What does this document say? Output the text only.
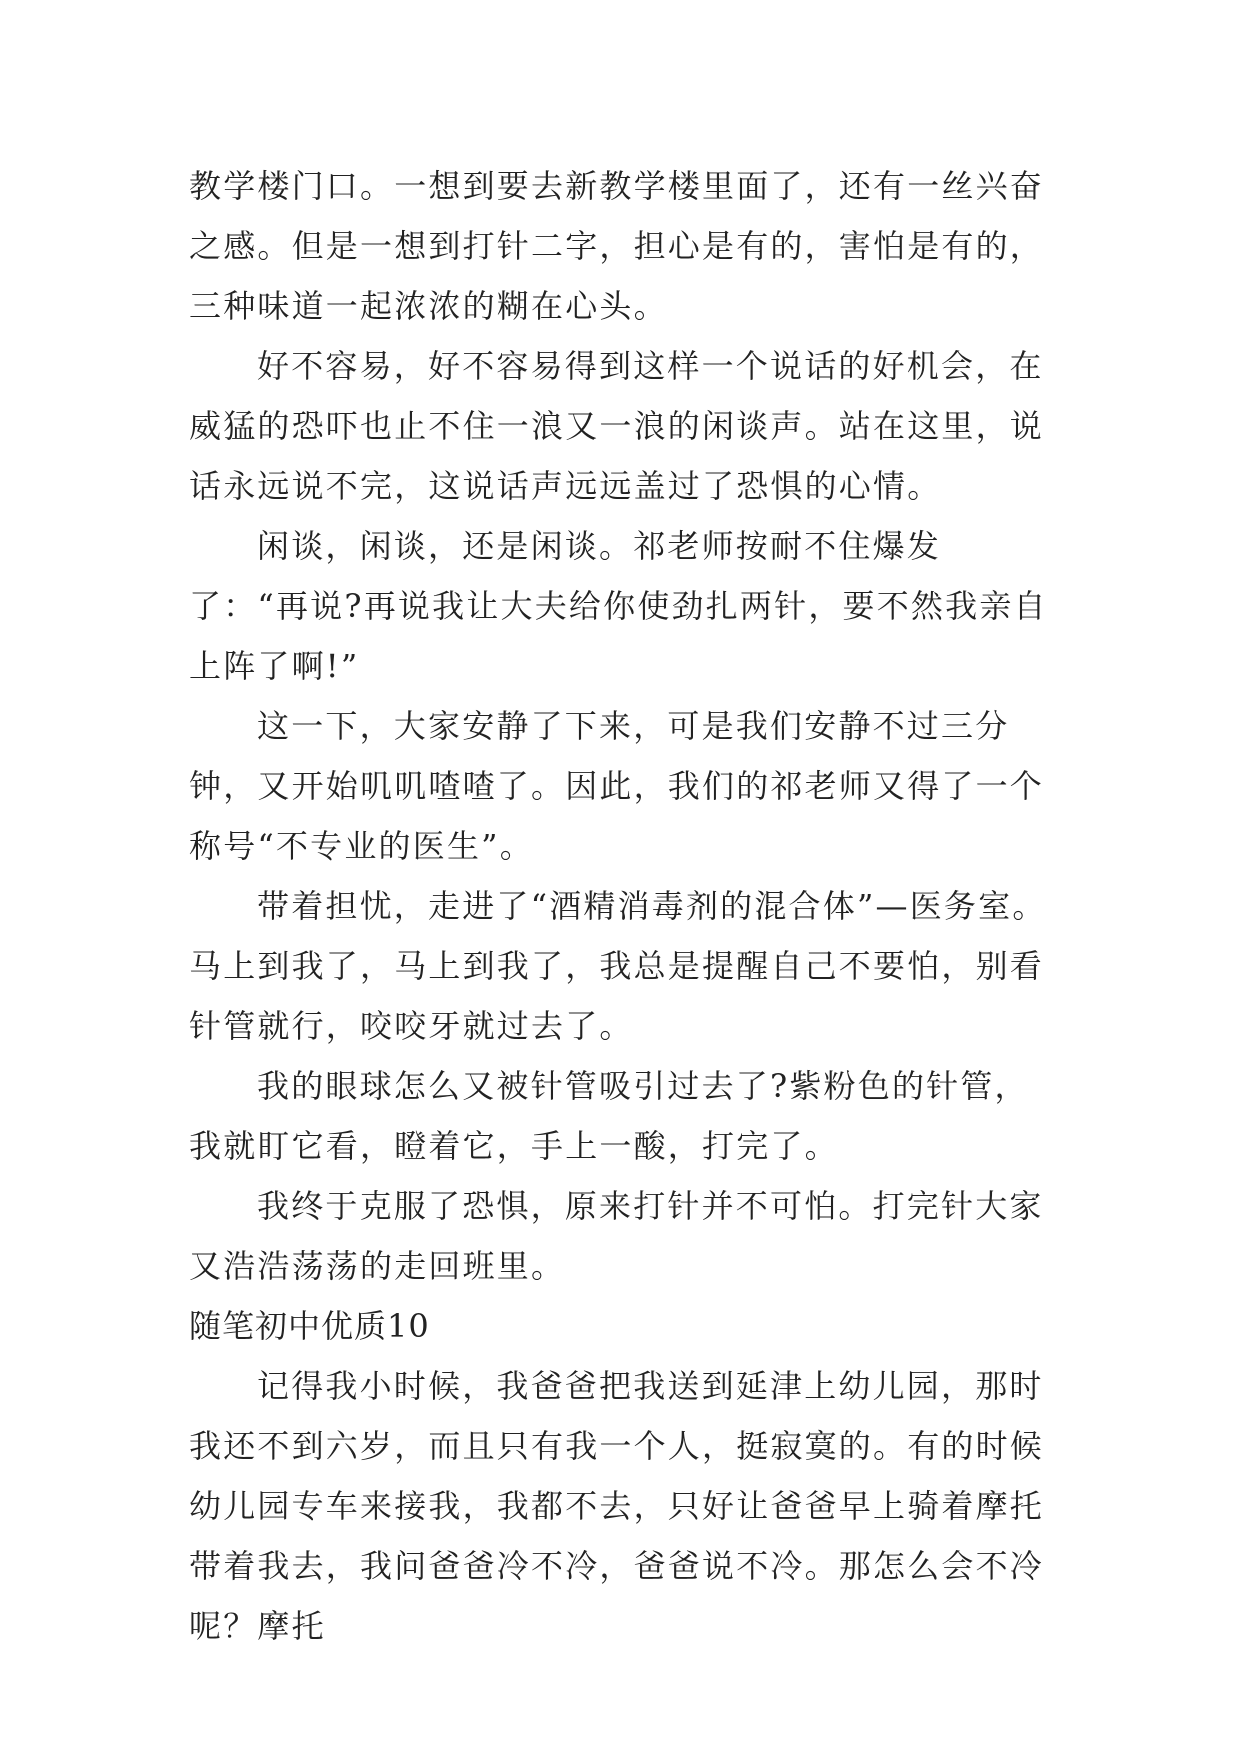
教学楼门口。一想到要去新教学楼里面了，还有一丝兴奋之感。但是一想到打针二字，担心是有的，害怕是有的，三种味道一起浓浓的糊在心头。

好不容易，好不容易得到这样一个说话的好机会，在威猛的恐吓也止不住一浪又一浪的闲谈声。站在这里，说话永远说不完，这说话声远远盖过了恐惧的心情。

闲谈，闲谈，还是闲谈。祁老师按耐不住爆发了：“再说?再说我让大夫给你使劲扎两针，要不然我亲自上阵了啊!”

这一下，大家安静了下来，可是我们安静不过三分钟，又开始叽叽喳喳了。因此，我们的祁老师又得了一个称号“不专业的医生”。

带着担忧，走进了“酒精消毒剂的混合体”—医务室。马上到我了，马上到我了，我总是提醒自己不要怕，别看针管就行，咬咬牙就过去了。

我的眼球怎么又被针管吸引过去了?紫粉色的针管，我就盯它看，瞪着它，手上一酸，打完了。

我终于克服了恐惧，原来打针并不可怕。打完针大家又浩浩荡荡的走回班里。

随笔初中优质10

记得我小时候，我爸爸把我送到延津上幼儿园，那时我还不到六岁，而且只有我一个人，挺寂寞的。有的时候幼儿园专车来接我，我都不去，只好让爸爸早上骑着摩托带着我去，我问爸爸冷不冷，爸爸说不冷。那怎么会不冷呢？摩托
